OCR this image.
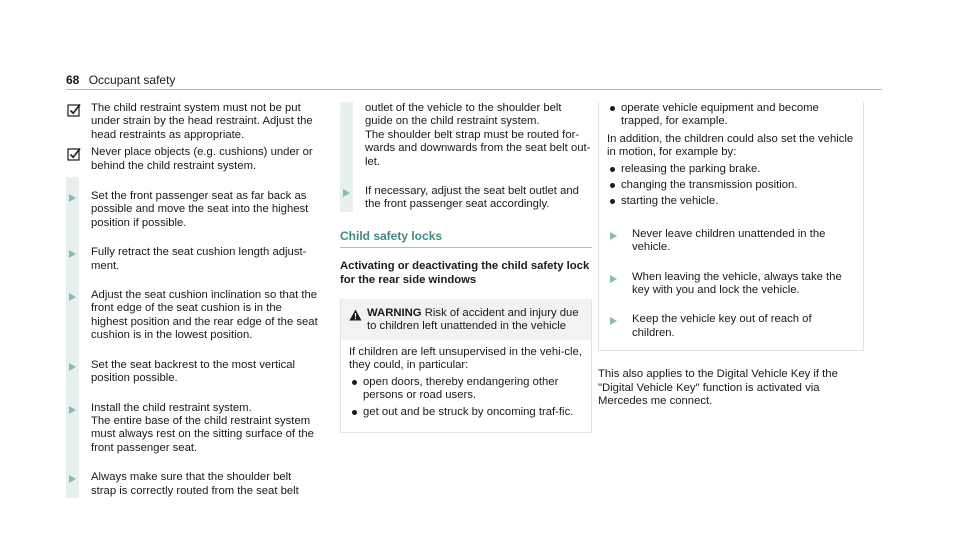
68 Occupant safety

The child restraint system must not be put under strain by the head restraint. Adjust the head restraints as appropriate.

Never place objects (e.g. cushions) under or behind the child restraint system.

Set the front passenger seat as far back as possible and move the seat into the highest position if possible.

Fully retract the seat cushion length adjust-ment.

Adjust the seat cushion inclination so that the front edge of the seat cushion is in the highest position and the rear edge of the seat cushion is in the lowest position.

Set the seat backrest to the most vertical position possible.

Install the child restraint system.

The entire base of the child restraint system must always rest on the sitting surface of the front passenger seat.

Always make sure that the shoulder belt strap is correctly routed from the seat belt

outlet of the vehicle to the shoulder belt guide on the child restraint system.

The shoulder belt strap must be routed for-wards and downwards from the seat belt out-let.

If necessary, adjust the seat belt outlet and the front passenger seat accordingly.

Child safety locks
Activating or deactivating the child safety lock for the rear side windows
WARNING Risk of accident and injury due to children left unattended in the vehicle

If children are left unsupervised in the vehi-cle, they could, in particular:

open doors, thereby endangering other persons or road users.
get out and be struck by oncoming traf-fic.
operate vehicle equipment and become trapped, for example.

In addition, the children could also set the vehicle in motion, for example by:

releasing the parking brake.
changing the transmission position.
starting the vehicle.

Never leave children unattended in the vehicle.

When leaving the vehicle, always take the key with you and lock the vehicle.

Keep the vehicle key out of reach of children.

This also applies to the Digital Vehicle Key if the "Digital Vehicle Key" function is activated via Mercedes me connect.
